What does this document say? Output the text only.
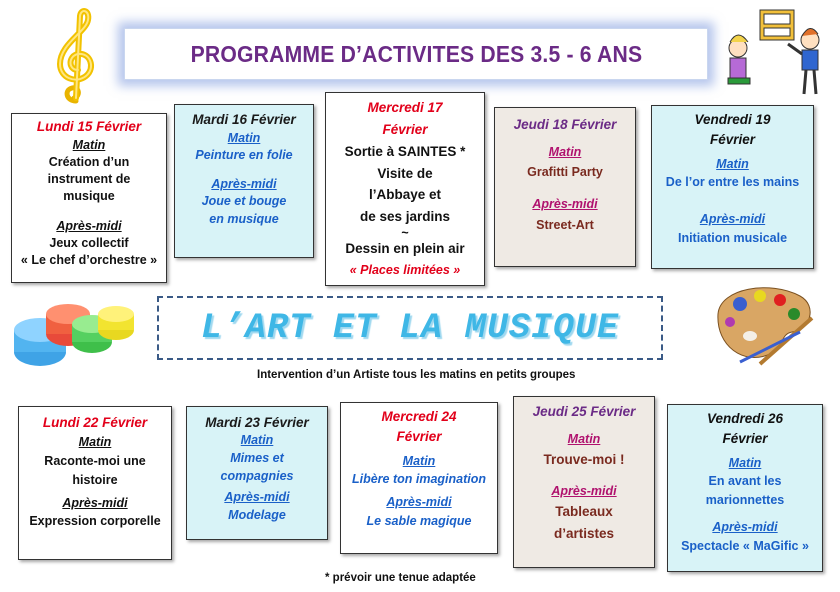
PROGRAMME D’ACTIVITES DES 3.5 - 6 ANS
Lundi 15 Février
Matin
Création d’un
instrument de
musique
Après-midi
Jeux collectif
« Le chef d’orchestre »
Mardi 16 Février
Matin
Peinture en folie
Après-midi
Joue et bouge
en musique
Mercredi 17
Février
Sortie à SAINTES *
Visite de
l’Abbaye et
de ses jardins
~
Dessin en plein air
« Places limitées »
Jeudi 18 Février
Matin
Grafitti Party
Après-midi
Street-Art
Vendredi 19
Février
Matin
De l’or entre les mains
Après-midi
Initiation musicale
L’ART ET LA MUSIQUE
Intervention d’un Artiste tous les matins en petits groupes
Lundi 22 Février
Matin
Raconte-moi une
histoire
Après-midi
Expression corporelle
Mardi 23 Février
Matin
Mimes et
compagnies
Après-midi
Modelage
Mercredi 24
Février
Matin
Libère ton imagination
Après-midi
Le sable magique
Jeudi 25 Février
Matin
Trouve-moi !
Après-midi
Tableaux
d’artistes
Vendredi 26
Février
Matin
En avant les
marionnettes
Après-midi
Spectacle « MaGific »
* prévoir une tenue adaptée
